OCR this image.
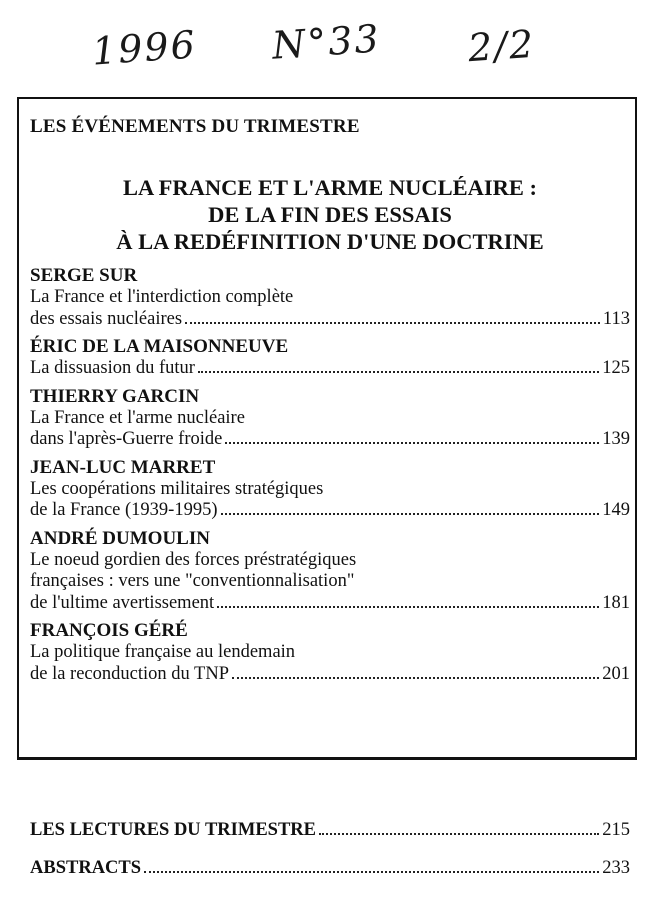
1996 N°33 2/2
LES ÉVÉNEMENTS DU TRIMESTRE
LA FRANCE ET L'ARME NUCLÉAIRE :
DE LA FIN DES ESSAIS
À LA REDÉFINITION D'UNE DOCTRINE

SERGE SUR

La France et l'interdiction complète

des essais nucléaires	113

ÉRIC DE LA MAISONNEUVE

La dissuasion du futur	125

THIERRY GARCIN

La France et l'arme nucléaire

dans l'après-Guerre froide	139

JEAN-LUC MARRET

Les coopérations militaires stratégiques

de la France (1939-1995)	149

ANDRÉ DUMOULIN

Le noeud gordien des forces préstratégiques

françaises : vers une "conventionnalisation"

de l'ultime avertissement	181

FRANÇOIS GÉRÉ

La politique française au lendemain

de la reconduction du TNP	201
LES LECTURES DU TRIMESTRE	215
ABSTRACTS	233
